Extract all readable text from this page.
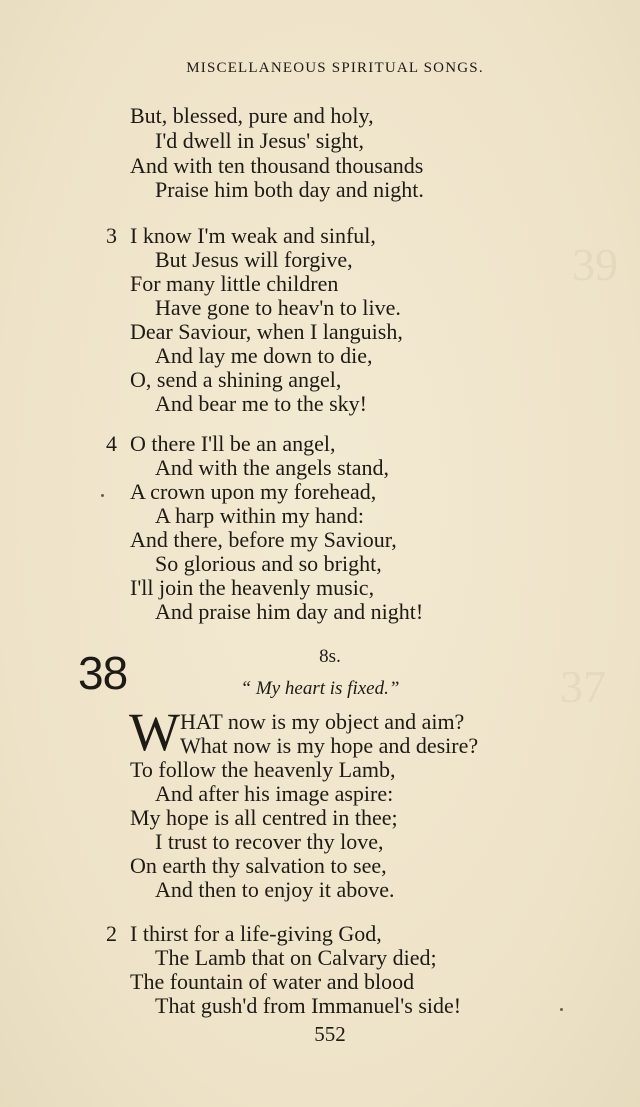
39
37
MISCELLANEOUS SPIRITUAL SONGS.
But, blessed, pure and holy,
I'd dwell in Jesus' sight,
And with ten thousand thousands
Praise him both day and night.
3 I know I'm weak and sinful,
But Jesus will forgive,
For many little children
Have gone to heav'n to live.
Dear Saviour, when I languish,
And lay me down to die,
O, send a shining angel,
And bear me to the sky!
4 O there I'll be an angel,
And with the angels stand,
A crown upon my forehead,
A harp within my hand:
And there, before my Saviour,
So glorious and so bright,
I'll join the heavenly music,
And praise him day and night!
38	8s.
“ My heart is fixed.”
W HAT now is my object and aim?
What now is my hope and desire?
To follow the heavenly Lamb,
And after his image aspire:
My hope is all centred in thee;
I trust to recover thy love,
On earth thy salvation to see,
And then to enjoy it above.
2 I thirst for a life-giving God,
The Lamb that on Calvary died;
The fountain of water and blood
That gush'd from Immanuel's side!
552
